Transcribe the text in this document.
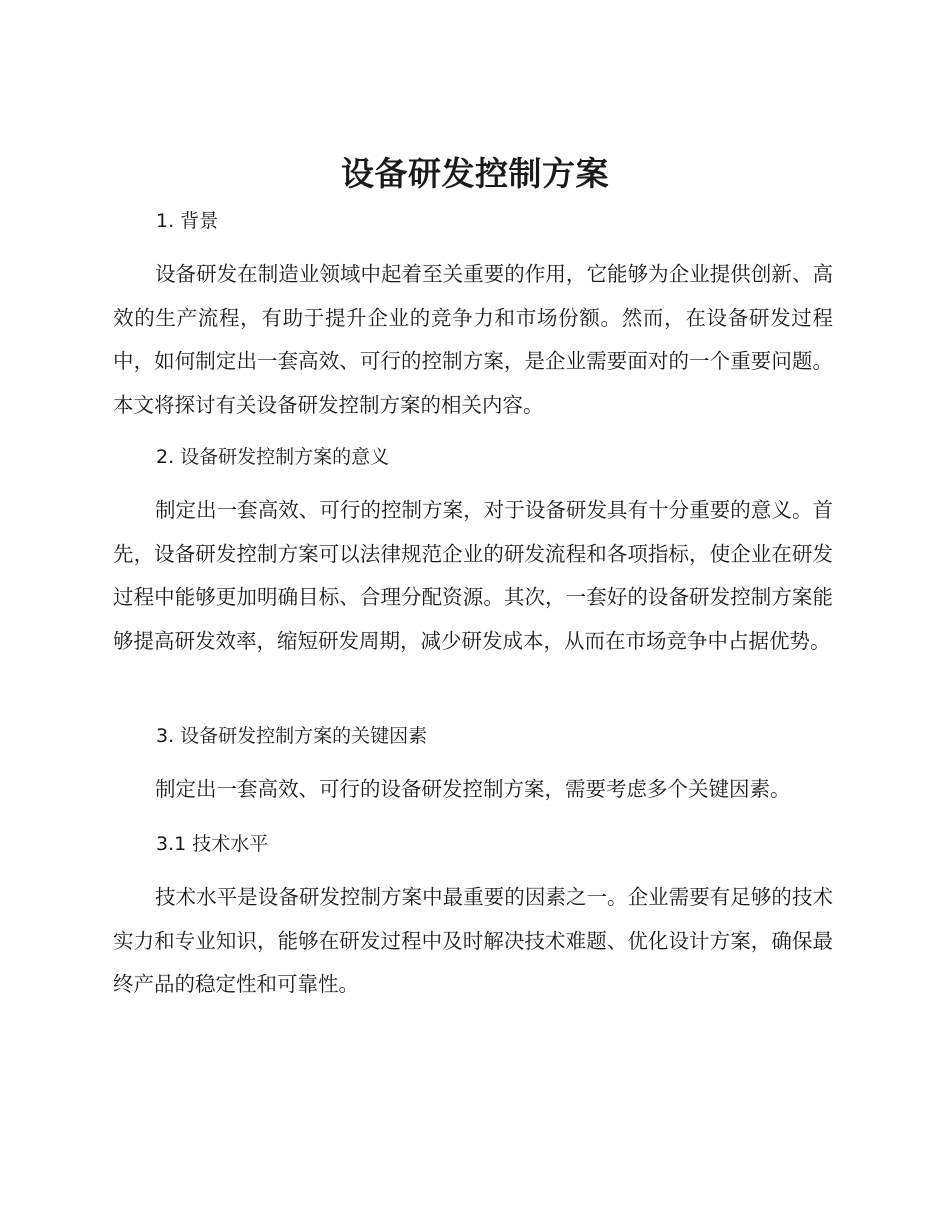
设备研发控制方案
1. 背景

设备研发在制造业领域中起着至关重要的作用，它能够为企业提供创新、高效的生产流程，有助于提升企业的竞争力和市场份额。然而，在设备研发过程中，如何制定出一套高效、可行的控制方案，是企业需要面对的一个重要问题。本文将探讨有关设备研发控制方案的相关内容。

2. 设备研发控制方案的意义

制定出一套高效、可行的控制方案，对于设备研发具有十分重要的意义。首先，设备研发控制方案可以法律规范企业的研发流程和各项指标，使企业在研发过程中能够更加明确目标、合理分配资源。其次，一套好的设备研发控制方案能够提高研发效率，缩短研发周期，减少研发成本，从而在市场竞争中占据优势。

3. 设备研发控制方案的关键因素

制定出一套高效、可行的设备研发控制方案，需要考虑多个关键因素。

3.1 技术水平

技术水平是设备研发控制方案中最重要的因素之一。企业需要有足够的技术实力和专业知识，能够在研发过程中及时解决技术难题、优化设计方案，确保最终产品的稳定性和可靠性。
